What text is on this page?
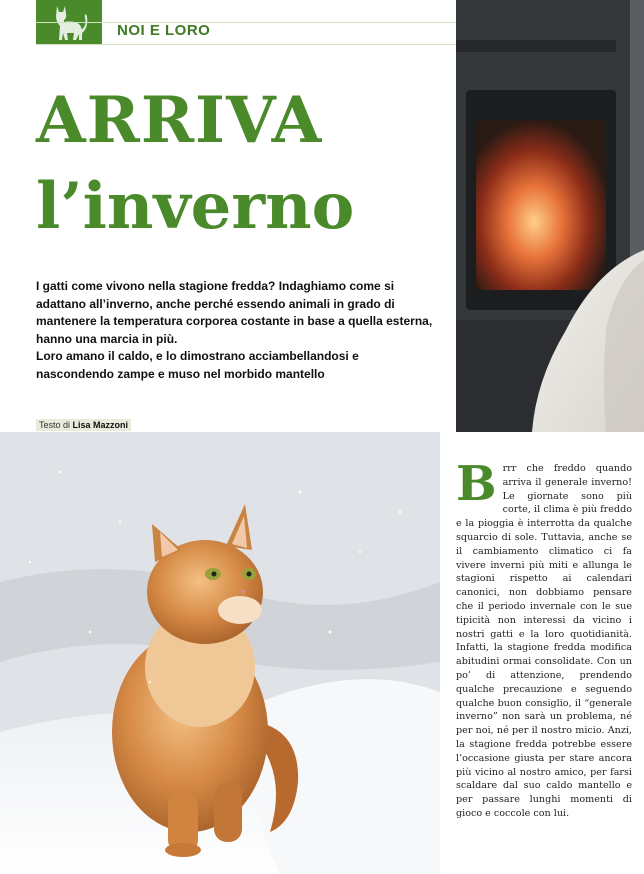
NOI E LORO
ARRIVA
l’inverno

I gatti come vivono nella stagione fredda? Indaghiamo come si adattano all’inverno, anche perché essendo animali in grado di mantenere la temperatura corporea costante in base a quella esterna, hanno una marcia in più.

Loro amano il caldo, e lo dimostrano acciambellandosi e nascondendo zampe e muso nel morbido mantello

Testo di Lisa Mazzoni
B rrr che freddo quando arriva il generale inverno! Le giornate sono più corte, il clima è più freddo e la pioggia è interrotta da qualche squarcio di sole. Tuttavia, anche se il cambiamento climatico ci fa vivere inverni più miti e allunga le stagioni rispetto ai calendari canonici, non dobbiamo pensare che il periodo invernale con le sue tipicità non interessi da vicino i nostri gatti e la loro quotidianità. Infatti, la stagione fredda modifica abitudini ormai consolidate. Con un po’ di attenzione, prendendo qualche precauzione e seguendo qualche buon consiglio, il “generale inverno” non sarà un problema, né per noi, né per il nostro micio. Anzi, la stagione fredda potrebbe essere l’occasione giusta per stare ancora più vicino al nostro amico, per farsi scaldare dal suo caldo mantello e per passare lunghi momenti di gioco e coccole con lui.
